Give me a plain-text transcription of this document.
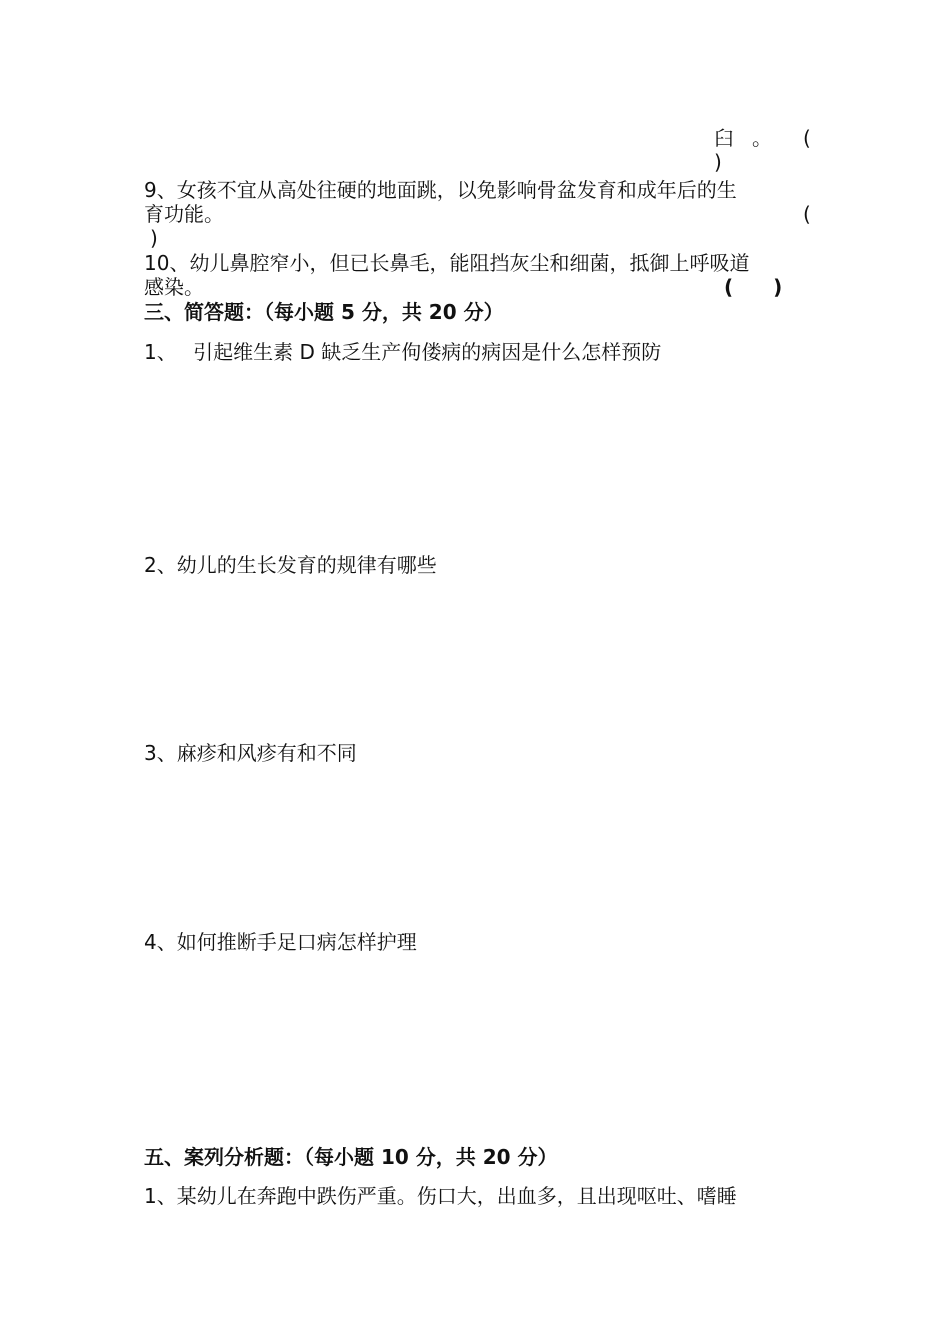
臼 。 (
)
9、女孩不宜从高处往硬的地面跳，以免影响骨盆发育和成年后的生
育功能。	(
)
10、幼儿鼻腔窄小，但已长鼻毛，能阻挡灰尘和细菌，抵御上呼吸道
感染。	(　　)
三、简答题：（每小题 5 分，共 20 分）
1、　 引起维生素 D 缺乏生产佝偻病的病因是什么怎样预防
2、幼儿的生长发育的规律有哪些
3、麻疹和风疹有和不同
4、如何推断手足口病怎样护理
五、案列分析题：（每小题 10 分，共 20 分）
1、某幼儿在奔跑中跌伤严重。伤口大，出血多，且出现呕吐、嗜睡
